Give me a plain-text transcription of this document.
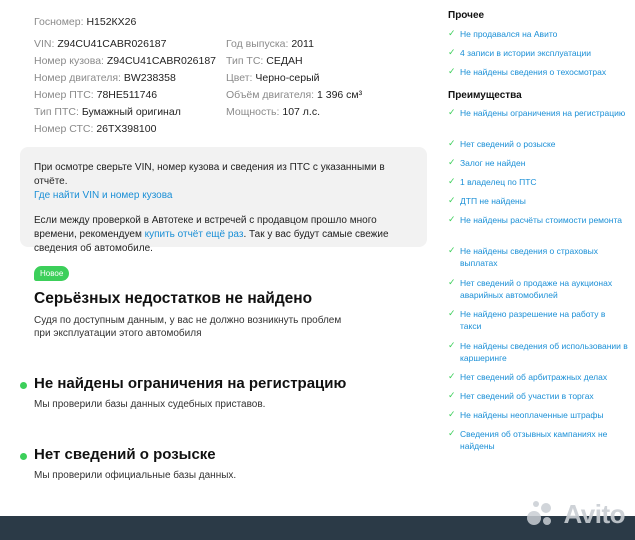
Госномер: Н152КХ26
VIN: Z94CU41CABR026187
Номер кузова: Z94CU41CABR026187
Номер двигателя: BW238358
Номер ПТС: 78НЕ511746
Тип ПТС: Бумажный оригинал
Номер СТС: 26ТХ398100
Год выпуска: 2011
Тип ТС: СЕДАН
Цвет: Черно-серый
Объём двигателя: 1 396 см³
Мощность: 107 л.с.

При осмотре сверьте VIN, номер кузова и сведения из ПТС с указанными в отчёте.
Где найти VIN и номер кузова

Если между проверкой в Автотеке и встречей с продавцом прошло много времени, рекомендуем купить отчёт ещё раз. Так у вас будут самые свежие сведения об автомобиле.

Новое
Серьёзных недостатков не найдено
Судя по доступным данным, у вас не должно возникнуть проблем при эксплуатации этого автомобиля
Не найдены ограничения на регистрацию
Мы проверили базы данных судебных приставов.
Нет сведений о розыске
Мы проверили официальные базы данных.
Прочее
✓ Не продавался на Авито
✓ 4 записи в истории эксплуатации
✓ Не найдены сведения о техосмотрах
Преимущества
✓ Не найдены ограничения на регистрацию
✓ Нет сведений о розыске
✓ Залог не найден
✓ 1 владелец по ПТС
✓ ДТП не найдены
✓ Не найдены расчёты стоимости ремонта
✓ Не найдены сведения о страховых выплатах
✓ Нет сведений о продаже на аукционах аварийных автомобилей
✓ Не найдено разрешение на работу в такси
✓ Не найдены сведения об использовании в каршеринге
✓ Нет сведений об арбитражных делах
✓ Нет сведений об участии в торгах
✓ Не найдены неоплаченные штрафы
✓ Сведения об отзывных кампаниях не найдены
Avito
